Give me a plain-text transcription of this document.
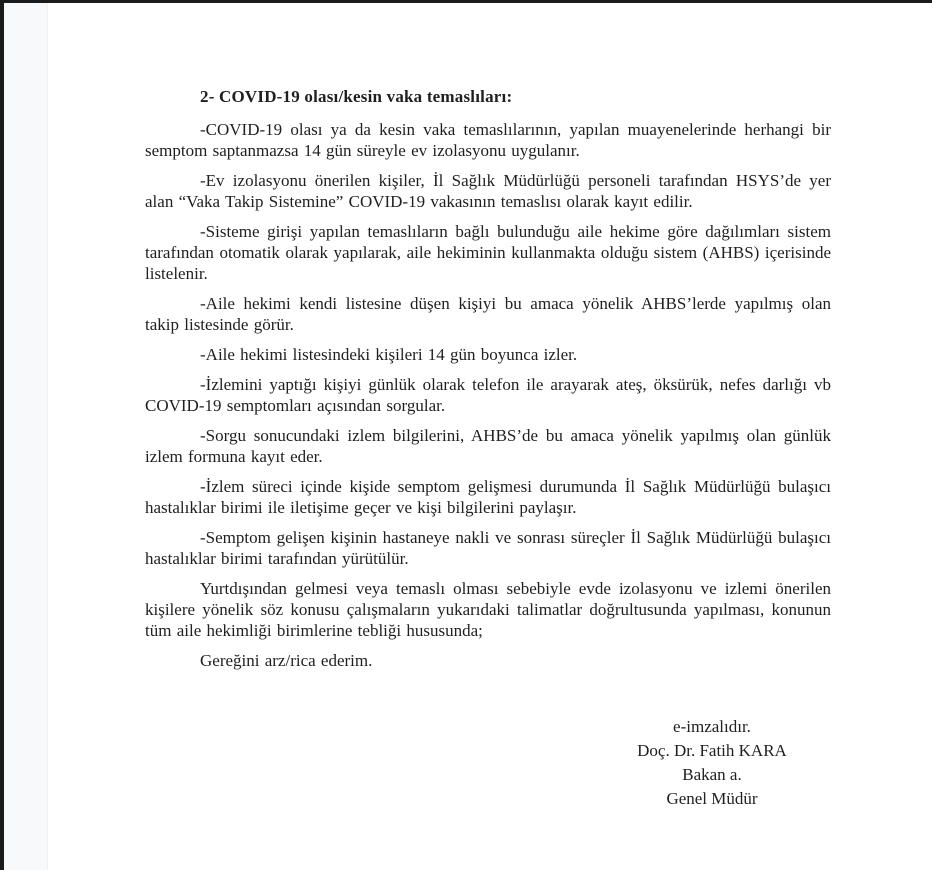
2- COVID-19 olası/kesin vaka temaslıları:

-COVID-19 olası ya da kesin vaka temaslılarının, yapılan muayenelerinde herhangi bir semptom saptanmazsa 14 gün süreyle ev izolasyonu uygulanır.

-Ev izolasyonu önerilen kişiler, İl Sağlık Müdürlüğü personeli tarafından HSYS’de yer alan “Vaka Takip Sistemine” COVID-19 vakasının temaslısı olarak kayıt edilir.

-Sisteme girişi yapılan temaslıların bağlı bulunduğu aile hekime göre dağılımları sistem tarafından otomatik olarak yapılarak, aile hekiminin kullanmakta olduğu sistem (AHBS) içerisinde listelenir.

-Aile hekimi kendi listesine düşen kişiyi bu amaca yönelik AHBS’lerde yapılmış olan takip listesinde görür.

-Aile hekimi listesindeki kişileri 14 gün boyunca izler.

-İzlemini yaptığı kişiyi günlük olarak telefon ile arayarak ateş, öksürük, nefes darlığı vb COVID-19 semptomları açısından sorgular.

-Sorgu sonucundaki izlem bilgilerini, AHBS’de bu amaca yönelik yapılmış olan günlük izlem formuna kayıt eder.

-İzlem süreci içinde kişide semptom gelişmesi durumunda İl Sağlık Müdürlüğü bulaşıcı hastalıklar birimi ile iletişime geçer ve kişi bilgilerini paylaşır.

-Semptom gelişen kişinin hastaneye nakli ve sonrası süreçler İl Sağlık Müdürlüğü bulaşıcı hastalıklar birimi tarafından yürütülür.

Yurtdışından gelmesi veya temaslı olması sebebiyle evde izolasyonu ve izlemi önerilen kişilere yönelik söz konusu çalışmaların yukarıdaki talimatlar doğrultusunda yapılması, konunun tüm aile hekimliği birimlerine tebliği hususunda;

Gereğini arz/rica ederim.

e-imzalıdır.
Doç. Dr. Fatih KARA
Bakan a.
Genel Müdür
